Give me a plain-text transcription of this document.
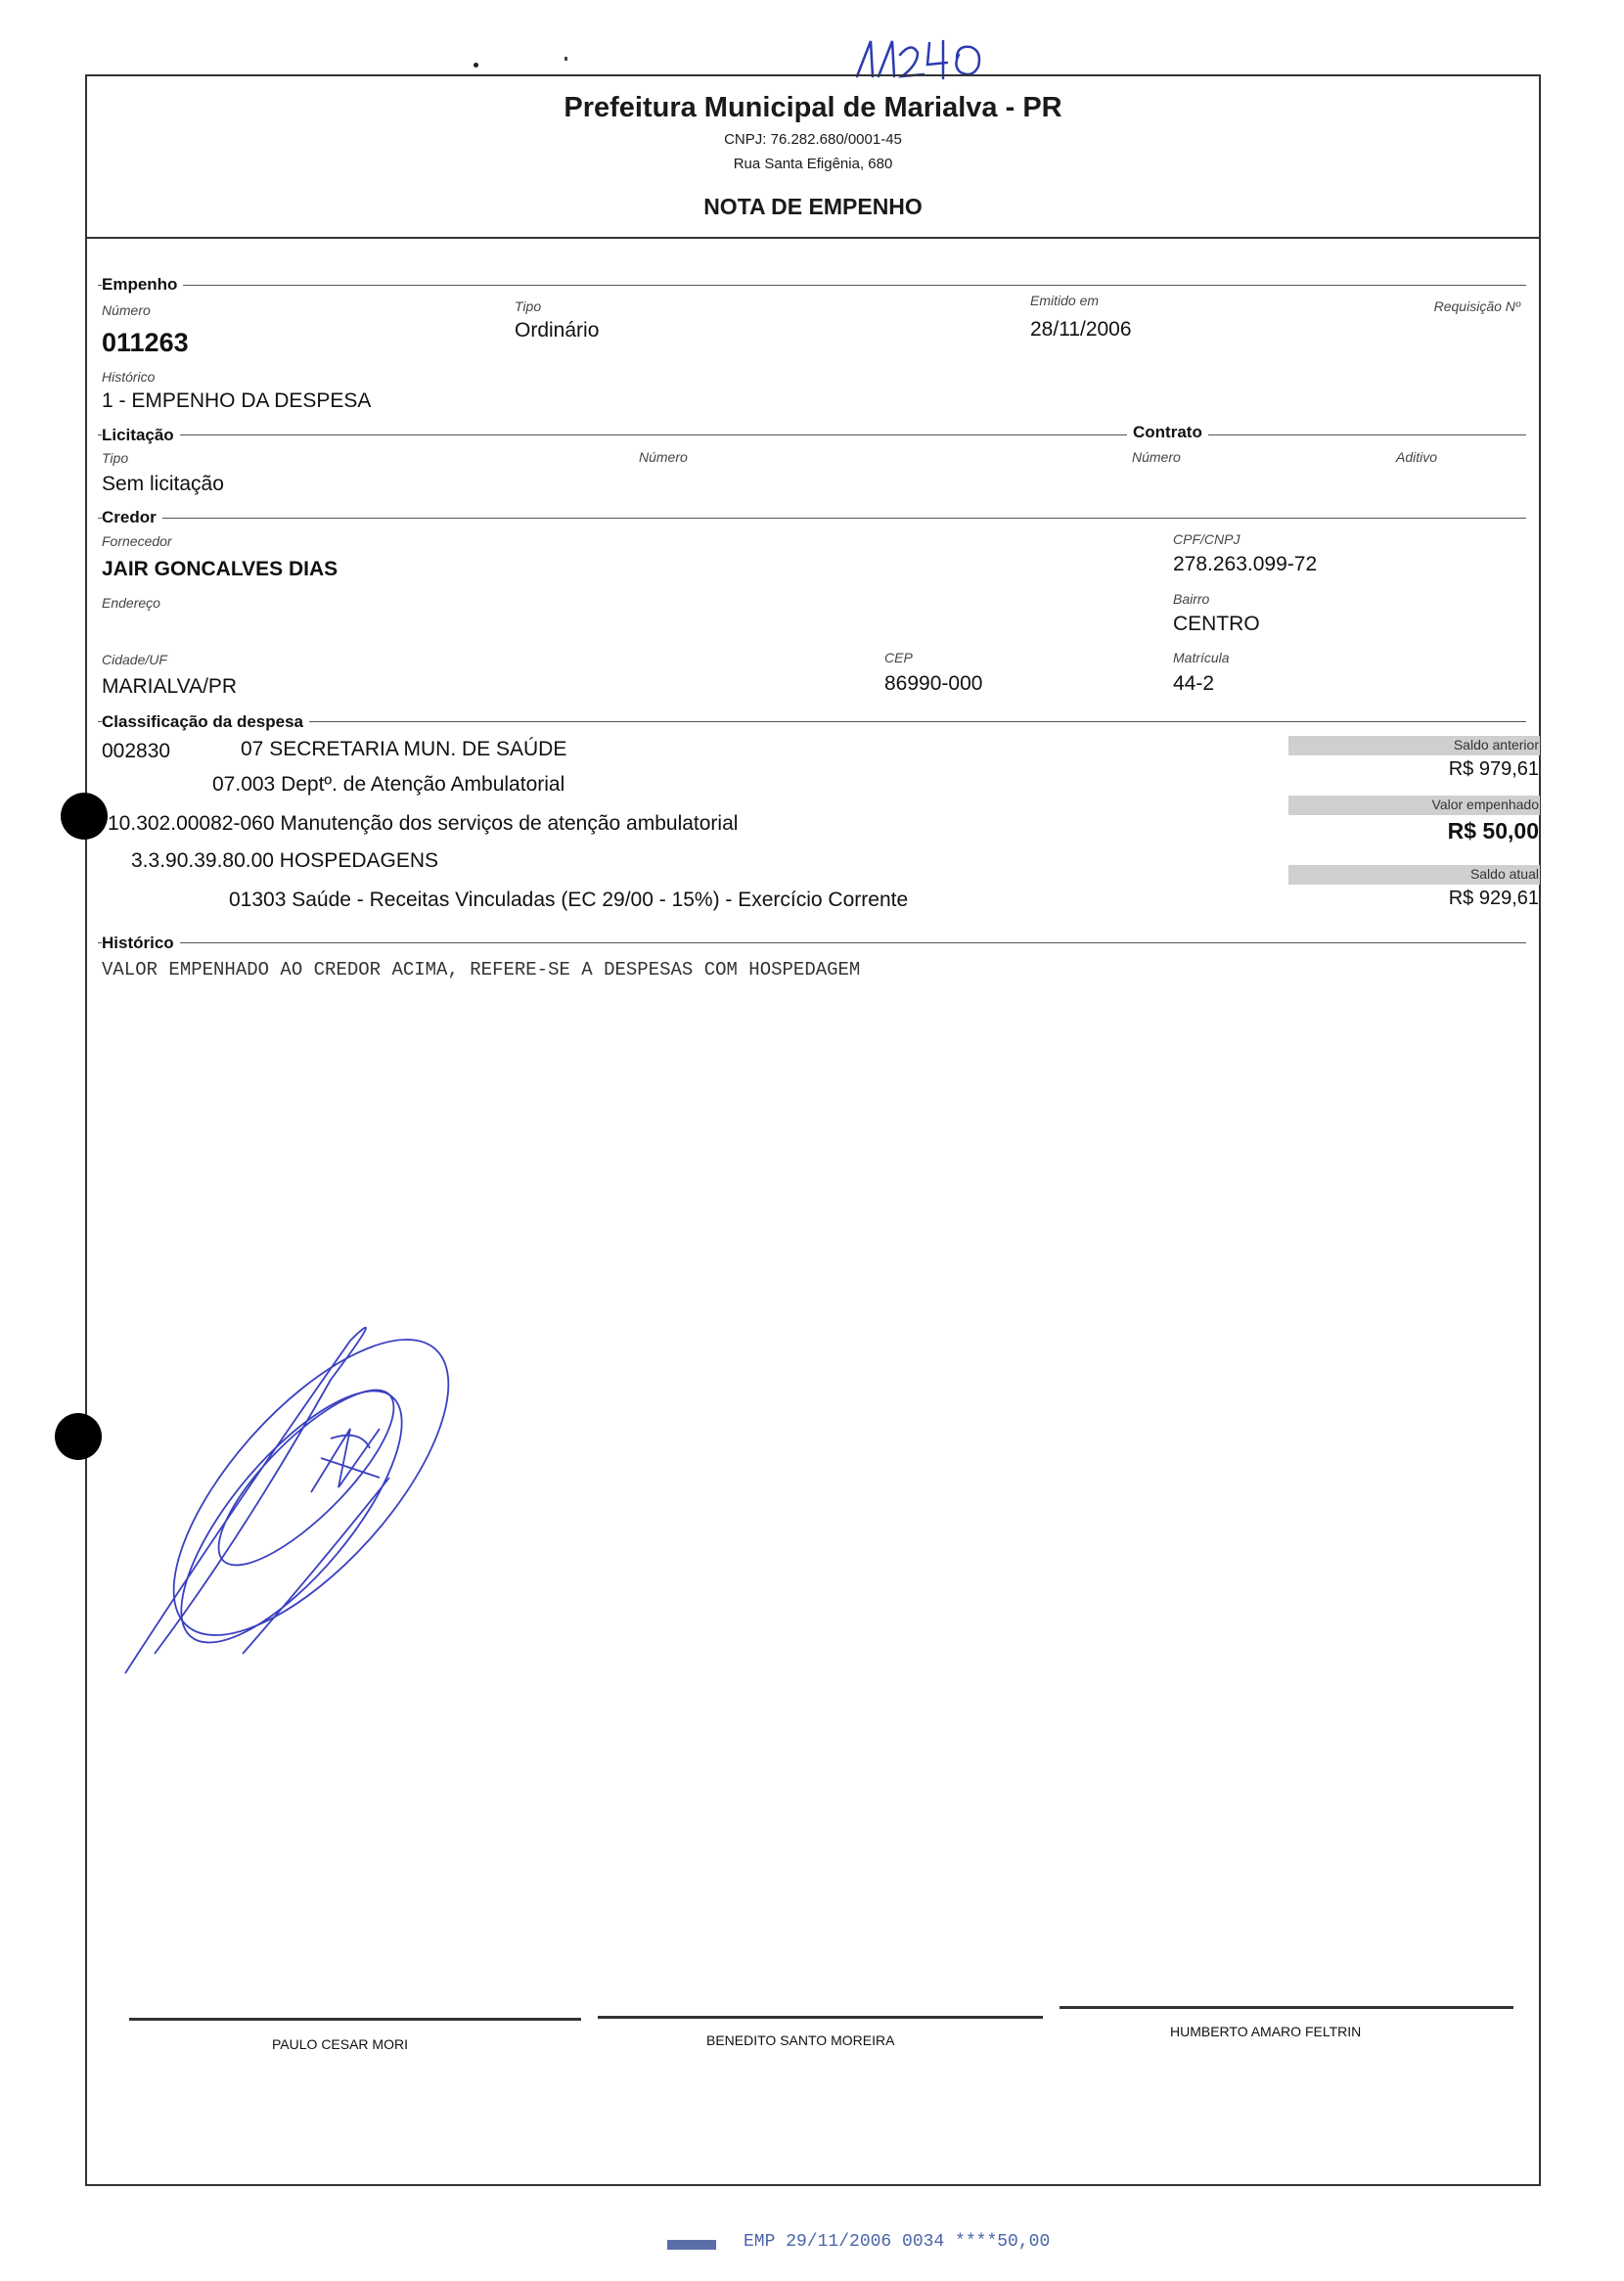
Prefeitura Municipal de Marialva - PR
CNPJ: 76.282.680/0001-45
Rua Santa Efigênia, 680
NOTA DE EMPENHO
Empenho
Número
011263
Tipo
Ordinário
Emitido em
28/11/2006
Requisição Nº
Histórico
1 - EMPENHO DA DESPESA
Licitação	Contrato
Tipo
Sem licitação
Número	Número	Aditivo
Credor
Fornecedor
JAIR GONCALVES DIAS
CPF/CNPJ
278.263.099-72
Endereço	Bairro
CENTRO
Cidade/UF
MARIALVA/PR
CEP
86990-000
Matrícula
44-2
Classificação da despesa
002830	07 SECRETARIA MUN. DE SAÚDE
07.003 Deptº. de Atenção Ambulatorial
10.302.00082-060 Manutenção dos serviços de atenção ambulatorial
3.3.90.39.80.00 HOSPEDAGENS
01303 Saúde - Receitas Vinculadas (EC 29/00 - 15%) - Exercício Corrente
Saldo anterior
R$ 979,61
Valor empenhado
R$ 50,00
Saldo atual
R$ 929,61
Histórico
VALOR EMPENHADO AO CREDOR ACIMA, REFERE-SE A DESPESAS COM HOSPEDAGEM
PAULO CESAR MORI	BENEDITO SANTO MOREIRA
HUMBERTO AMARO FELTRIN
EMP 29/11/2006 0034 ****50,00
